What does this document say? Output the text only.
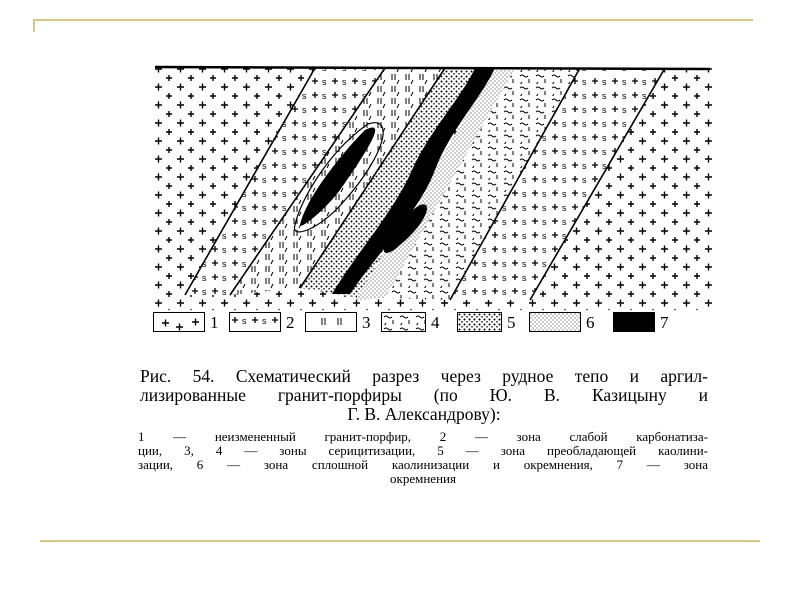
1	2	3	4	5	6	7
Рис. 54. Схематический разрез через рудное тепо и аргил-
лизированные гранит-порфиры (по Ю. В. Казицыну и
Г. В. Александрову):
1 — неизмененный гранит-порфир, 2 — зона слабой карбонатиза-
ции, 3, 4 — зоны серицитизации, 5 — зона преобладающей каолини-
зации, 6 — зона сплошной каолинизации и окремнения, 7 — зона
окремнения
